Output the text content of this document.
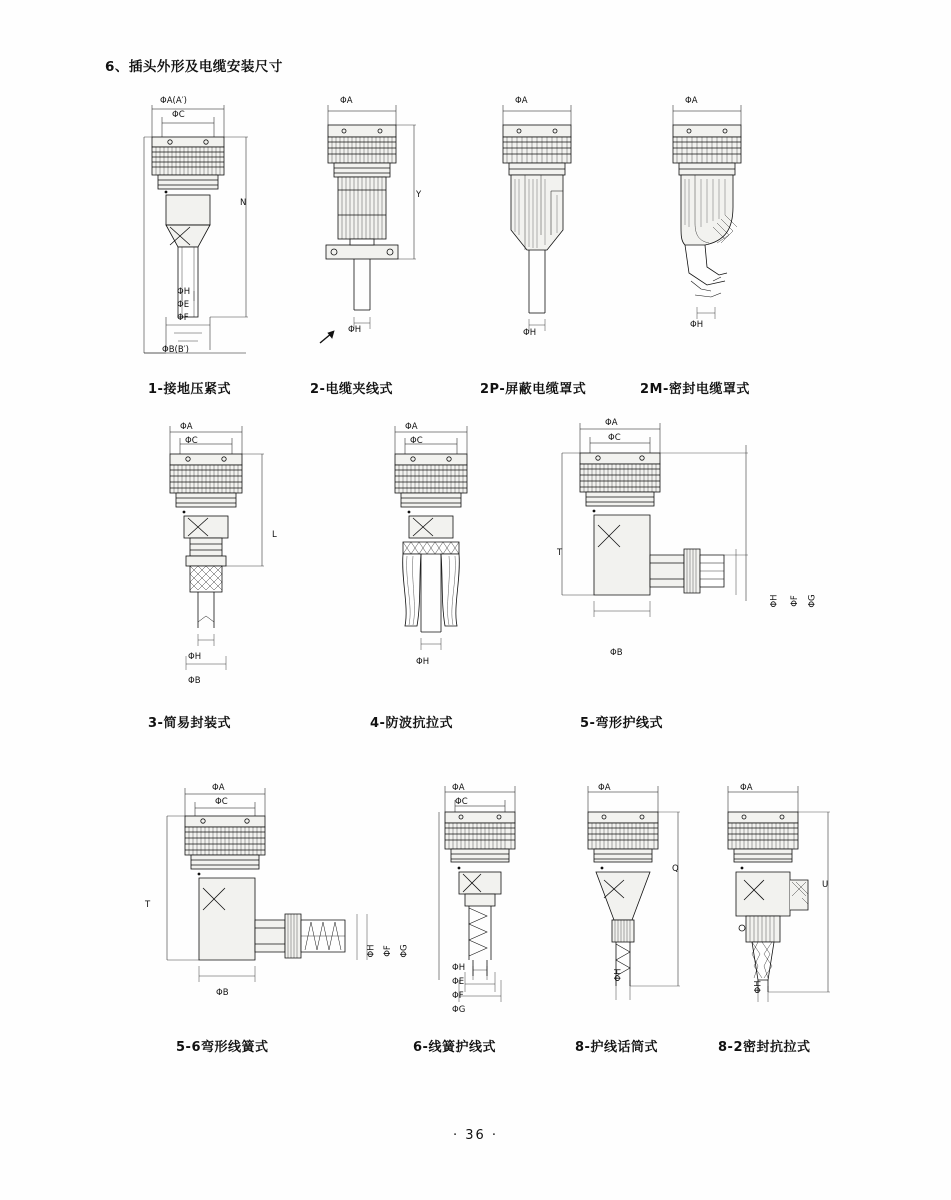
6、插头外形及电缆安装尺寸
ΦA(A′)
ΦC
N
ΦH
ΦE
ΦF
ΦB(B′)
1-接地压紧式
ΦA
Y
ΦH
2-电缆夹线式
ΦA
ΦH
2P-屏蔽电缆罩式
ΦA
ΦH
2M-密封电缆罩式
ΦA
ΦC
L
ΦH
ΦB
3-简易封装式
ΦA
ΦC
ΦH
4-防波抗拉式
ΦA
ΦC
T
ΦB
ΦH ΦF ΦG
5-弯形护线式
ΦA
ΦC
T
ΦB
ΦH ΦF ΦG
5-6弯形线簧式
ΦA
ΦC
ΦH
ΦE
ΦF
ΦG
6-线簧护线式
ΦA
Q
ΦH
8-护线话筒式
ΦA
U
ΦH
8-2密封抗拉式
· 36 ·
